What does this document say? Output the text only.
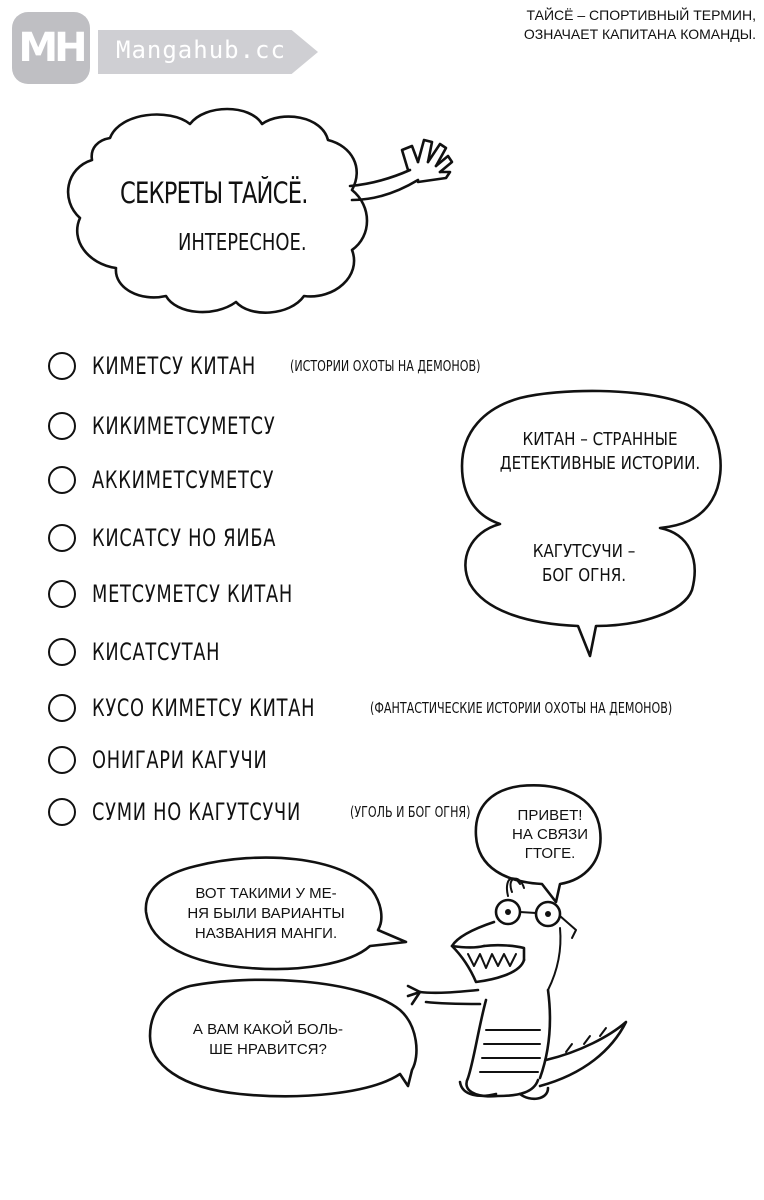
MH Mangahub.cc
ТАЙСЁ – СПОРТИВНЫЙ ТЕРМИН,
ОЗНАЧАЕТ КАПИТАНА КОМАНДЫ.
СЕКРЕТЫ ТАЙСЁ.
ИНТЕРЕСНОЕ.
КИМЕТСУ КИТАН (ИСТОРИИ ОХОТЫ НА ДЕМОНОВ)
КИКИМЕТСУМЕТСУ
АККИМЕТСУМЕТСУ
КИСАТСУ НО ЯИБА
МЕТСУМЕТСУ КИТАН
КИСАТСУТАН
КУСО КИМЕТСУ КИТАН	(ФАНТАСТИЧЕСКИЕ ИСТОРИИ ОХОТЫ НА ДЕМОНОВ)
ОНИГАРИ КАГУЧИ
СУМИ НО КАГУТСУЧИ	(УГОЛЬ И БОГ ОГНЯ)
КИТАН – СТРАННЫЕ
ДЕТЕКТИВНЫЕ ИСТОРИИ.
КАГУТСУЧИ –
БОГ ОГНЯ.
ПРИВЕТ!
НА СВЯЗИ
ГТОГЕ.
ВОТ ТАКИМИ У МЕ-
НЯ БЫЛИ ВАРИАНТЫ
НАЗВАНИЯ МАНГИ.
А ВАМ КАКОЙ БОЛЬ-
ШЕ НРАВИТСЯ?
